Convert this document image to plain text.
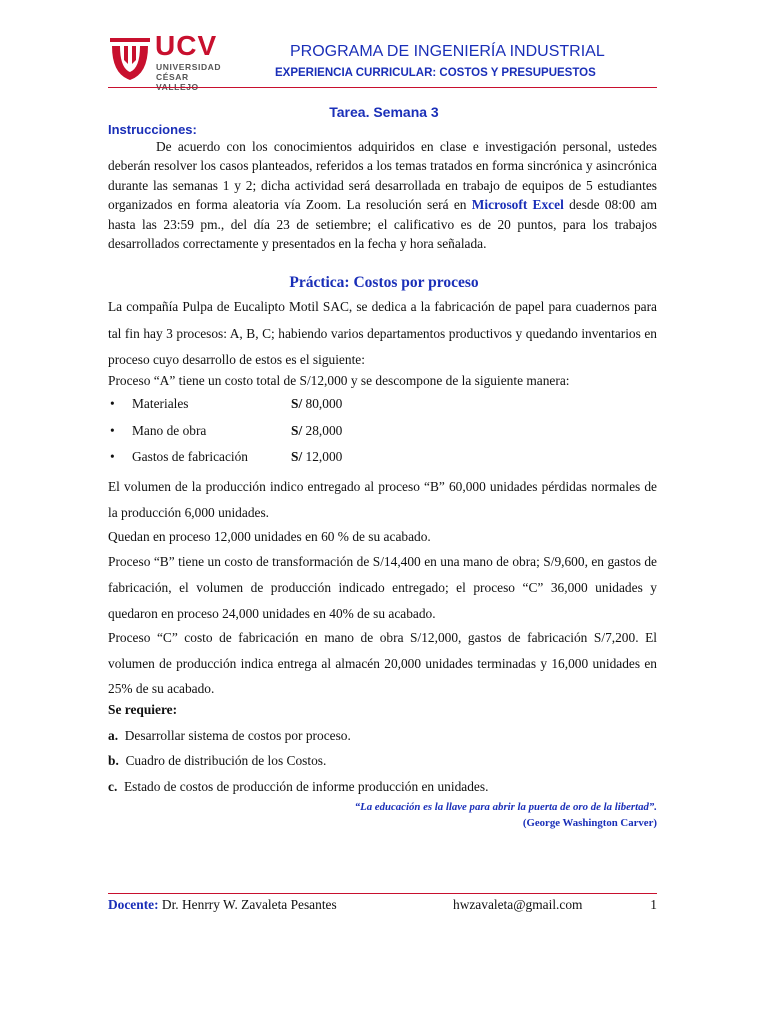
UCV
UNIVERSIDAD
CÉSAR VALLEJO
PROGRAMA DE INGENIERÍA INDUSTRIAL
EXPERIENCIA CURRICULAR: COSTOS Y PRESUPUESTOS
Tarea. Semana 3
Instrucciones:

De acuerdo con los conocimientos adquiridos en clase e investigación personal, ustedes deberán resolver los casos planteados, referidos a los temas tratados en forma sincrónica y asincrónica durante las semanas 1 y 2; dicha actividad será desarrollada en trabajo de equipos de 5 estudiantes organizados en forma aleatoria vía Zoom. La resolución será en Microsoft Excel desde 08:00 am hasta las 23:59 pm., del día 23 de setiembre; el calificativo es de 20 puntos, para los trabajos desarrollados correctamente y presentados en la fecha y hora señalada.

Práctica: Costos por proceso

La compañía Pulpa de Eucalipto Motil SAC, se dedica a la fabricación de papel para cuadernos para tal fin hay 3 procesos: A, B, C; habiendo varios departamentos productivos y quedando inventarios en proceso cuyo desarrollo de estos es el siguiente:

Proceso “A” tiene un costo total de S/12,000 y se descompone de la siguiente manera:

• Materiales	S/ 80,000
• Mano de obra	S/ 28,000
• Gastos de fabricación	S/ 12,000

El volumen de la producción indico entregado al proceso “B” 60,000 unidades pérdidas normales de la producción 6,000 unidades.

Quedan en proceso 12,000 unidades en 60 % de su acabado.

Proceso “B” tiene un costo de transformación de S/14,400 en una mano de obra; S/9,600, en gastos de fabricación, el volumen de producción indicado entregado; el proceso “C” 36,000 unidades y quedaron en proceso 24,000 unidades en 40% de su acabado.

Proceso “C” costo de fabricación en mano de obra S/12,000, gastos de fabricación S/7,200. El volumen de producción indica entrega al almacén 20,000 unidades terminadas y 16,000 unidades en 25% de su acabado.

Se requiere:
a. Desarrollar sistema de costos por proceso.
b. Cuadro de distribución de los Costos.
c. Estado de costos de producción de informe producción en unidades.
“La educación es la llave para abrir la puerta de oro de la libertad”.
(George Washington Carver)
Docente: Dr. Henrry W. Zavaleta Pesantes	hwzavaleta@gmail.com	1
